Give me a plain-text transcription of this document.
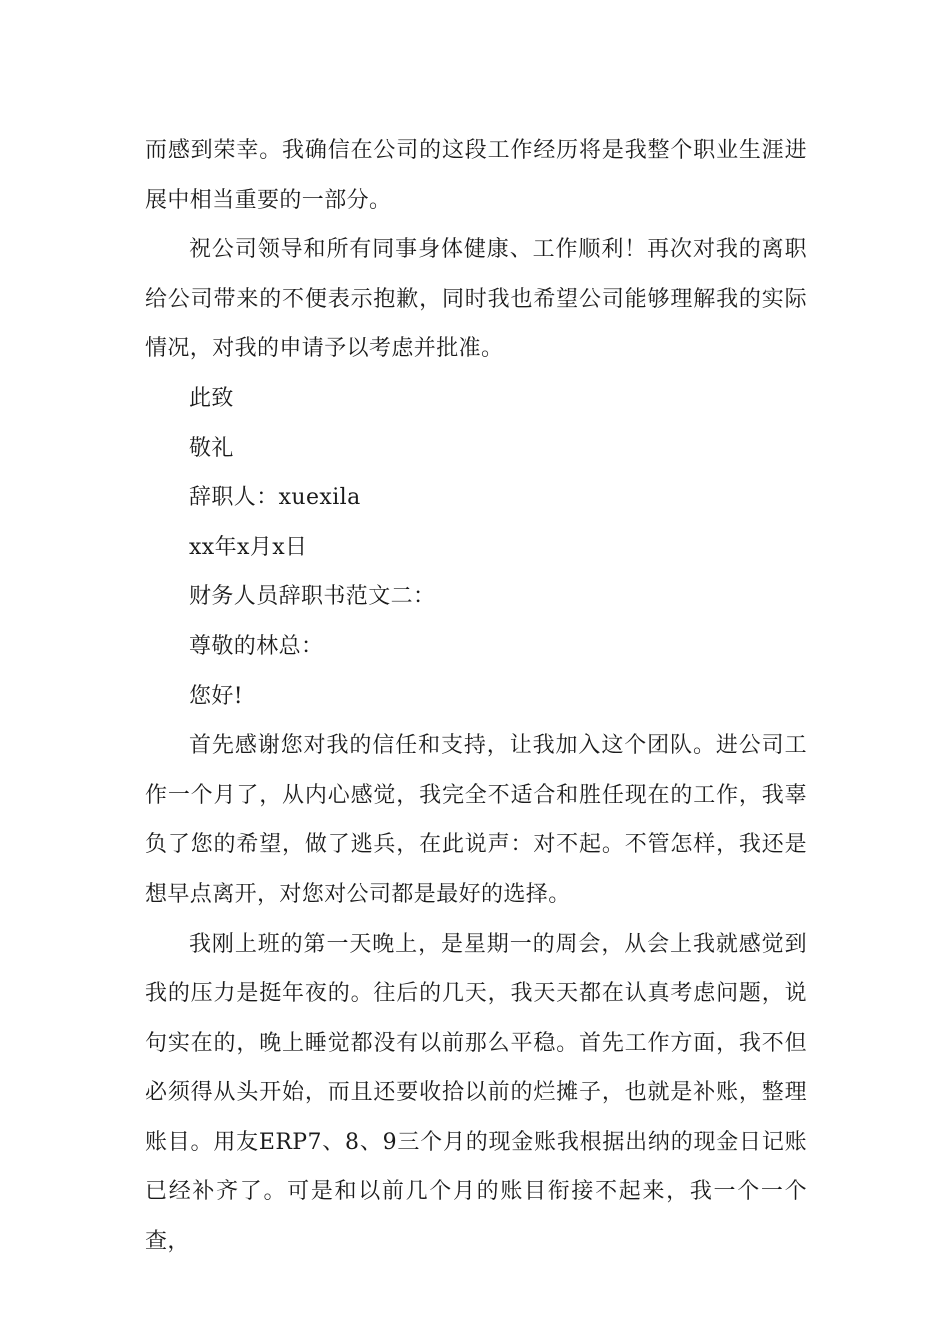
而感到荣幸。我确信在公司的这段工作经历将是我整个职业生涯进展中相当重要的一部分。

祝公司领导和所有同事身体健康、工作顺利！再次对我的离职给公司带来的不便表示抱歉，同时我也希望公司能够理解我的实际情况，对我的申请予以考虑并批准。

此致

敬礼

辞职人：xuexila

xx年x月x日

财务人员辞职书范文二：

尊敬的林总：

您好!

首先感谢您对我的信任和支持，让我加入这个团队。进公司工作一个月了，从内心感觉，我完全不适合和胜任现在的工作，我辜负了您的希望，做了逃兵，在此说声：对不起。不管怎样，我还是想早点离开，对您对公司都是最好的选择。

我刚上班的第一天晚上，是星期一的周会，从会上我就感觉到我的压力是挺年夜的。往后的几天，我天天都在认真考虑问题，说句实在的，晚上睡觉都没有以前那么平稳。首先工作方面，我不但必须得从头开始，而且还要收拾以前的烂摊子，也就是补账，整理账目。用友ERP7、8、9三个月的现金账我根据出纳的现金日记账已经补齐了。可是和以前几个月的账目衔接不起来，我一个一个查，
